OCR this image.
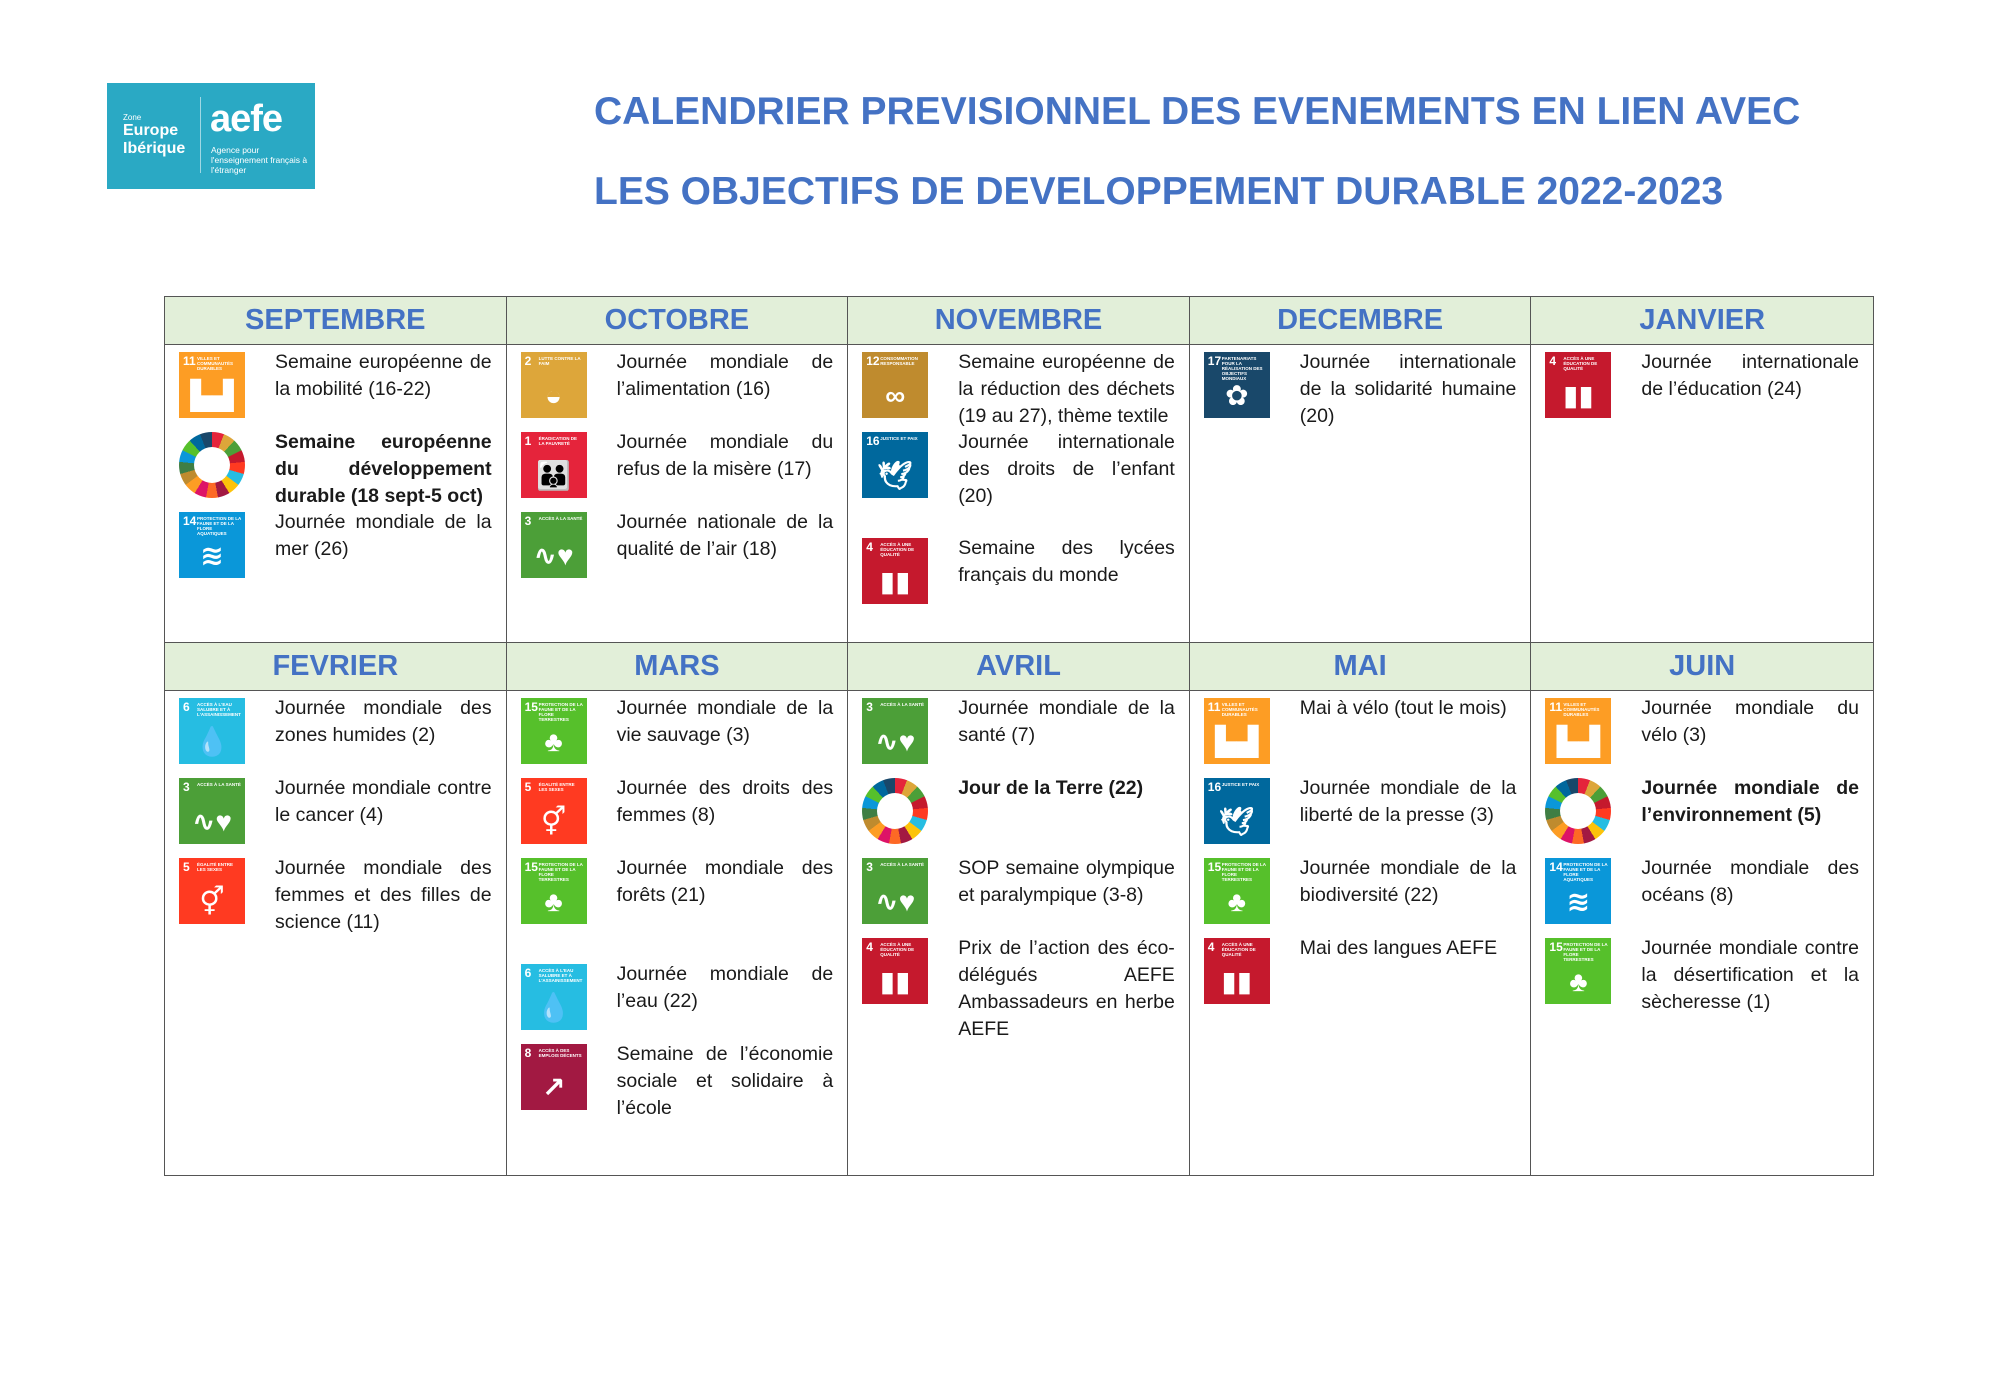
Zone
Europe
Ibérique
aefe
Agence pour l'enseignement français à l'étranger
CALENDRIER PREVISIONNEL DES EVENEMENTS EN LIEN AVEC
LES OBJECTIFS DE DEVELOPPEMENT DURABLE 2022-2023
SEPTEMBRE
11 VILLES ET COMMUNAUTÉS DURABLES
▙▟
Semaine européenne de la mobilité (16-22)
Semaine européenne du développement durable (18 sept-5 oct)
14 PROTECTION DE LA FAUNE ET DE LA FLORE AQUATIQUES
≋
Journée mondiale de la mer (26)
OCTOBRE
2 LUTTE CONTRE LA FAIM
◒
Journée mondiale de l’alimentation (16)
1 ÉRADICATION DE LA PAUVRETÉ
👪
Journée mondiale du refus de la misère (17)
3 ACCÈS À LA SANTÉ
∿♥
Journée nationale de la qualité de l’air (18)
NOVEMBRE
12 CONSOMMATION RESPONSABLE
∞
Semaine européenne de la réduction des déchets (19 au 27), thème textile
16 JUSTICE ET PAIX
🕊
Journée internationale des droits de l’enfant (20)
4 ACCÈS À UNE ÉDUCATION DE QUALITÉ
▮▮
Semaine des lycées français du monde
DECEMBRE
17 PARTENARIATS POUR LA RÉALISATION DES OBJECTIFS MONDIAUX
✿
Journée internationale de la solidarité humaine (20)
JANVIER
4 ACCÈS À UNE ÉDUCATION DE QUALITÉ
▮▮
Journée internationale de l’éducation (24)
FEVRIER
6 ACCÈS À L'EAU SALUBRE ET À L'ASSAINISSEMENT
💧
Journée mondiale des zones humides (2)
3 ACCÈS À LA SANTÉ
∿♥
Journée mondiale contre le cancer (4)
5 ÉGALITÉ ENTRE LES SEXES
⚥
Journée mondiale des femmes et des filles de science (11)
MARS
15 PROTECTION DE LA FAUNE ET DE LA FLORE TERRESTRES
♣
Journée mondiale de la vie sauvage (3)
5 ÉGALITÉ ENTRE LES SEXES
⚥
Journée des droits des femmes (8)
15 PROTECTION DE LA FAUNE ET DE LA FLORE TERRESTRES
♣
Journée mondiale des forêts (21)
6 ACCÈS À L'EAU SALUBRE ET À L'ASSAINISSEMENT
💧
Journée mondiale de l’eau (22)
8 ACCÈS À DES EMPLOIS DÉCENTS
↗
Semaine de l’économie sociale et solidaire à l’école
AVRIL
3 ACCÈS À LA SANTÉ
∿♥
Journée mondiale de la santé (7)
Jour de la Terre (22)
3 ACCÈS À LA SANTÉ
∿♥
SOP semaine olympique et paralympique (3-8)
4 ACCÈS À UNE ÉDUCATION DE QUALITÉ
▮▮
Prix de l’action des éco-délégués AEFE Ambassadeurs en herbe AEFE
MAI
11 VILLES ET COMMUNAUTÉS DURABLES
▙▟
Mai à vélo (tout le mois)
16 JUSTICE ET PAIX
🕊
Journée mondiale de la liberté de la presse (3)
15 PROTECTION DE LA FAUNE ET DE LA FLORE TERRESTRES
♣
Journée mondiale de la biodiversité (22)
4 ACCÈS À UNE ÉDUCATION DE QUALITÉ
▮▮
Mai des langues AEFE
JUIN
11 VILLES ET COMMUNAUTÉS DURABLES
▙▟
Journée mondiale du vélo (3)
Journée mondiale de l’environnement (5)
14 PROTECTION DE LA FAUNE ET DE LA FLORE AQUATIQUES
≋
Journée mondiale des océans (8)
15 PROTECTION DE LA FAUNE ET DE LA FLORE TERRESTRES
♣
Journée mondiale contre la désertification et la sècheresse (1)
